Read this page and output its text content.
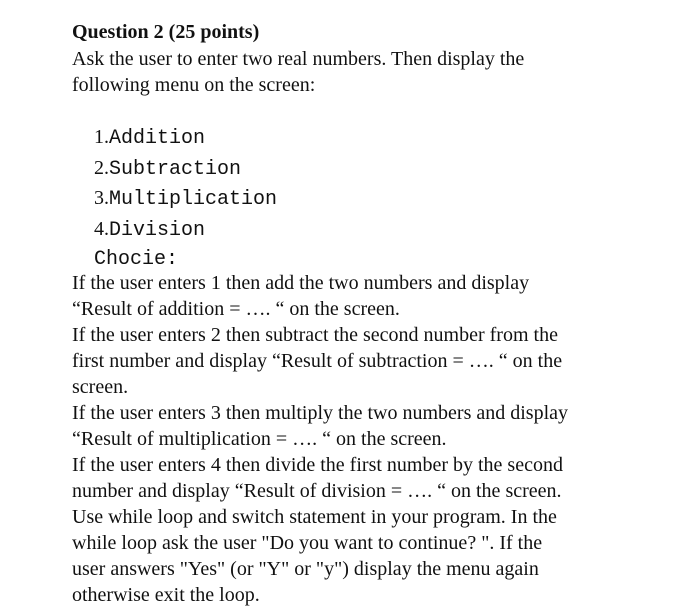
Question 2 (25 points)
Ask the user to enter two real numbers. Then display the
following menu on the screen:
1.Addition
2.Subtraction
3.Multiplication
4.Division
Chocie:
If the user enters 1 then add the two numbers and display
“Result of addition = …. “ on the screen.
If the user enters 2 then subtract the second number from the
first number and display “Result of subtraction = …. “ on the
screen.
If the user enters 3 then multiply the two numbers and display
“Result of multiplication = …. “ on the screen.
If the user enters 4 then divide the first number by the second
number and display “Result of division = …. “ on the screen.
Use while loop and switch statement in your program. In the
while loop ask the user "Do you want to continue? ". If the
user answers "Yes" (or "Y" or "y") display the menu again
otherwise exit the loop.
